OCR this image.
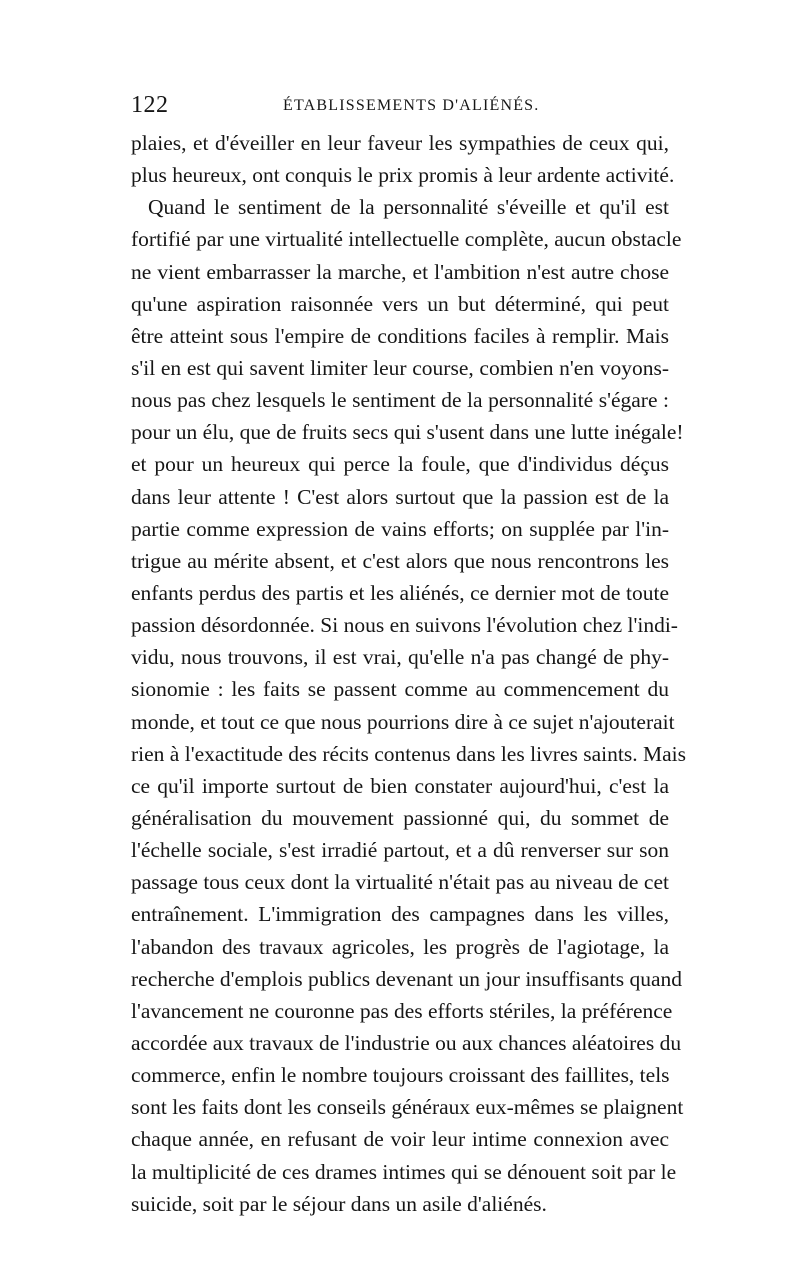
122	ÉTABLISSEMENTS D'ALIÉNÉS.
plaies, et d'éveiller en leur faveur les sympathies de ceux qui,
plus heureux, ont conquis le prix promis à leur ardente activité.
Quand le sentiment de la personnalité s'éveille et qu'il est
fortifié par une virtualité intellectuelle complète, aucun obstacle
ne vient embarrasser la marche, et l'ambition n'est autre chose
qu'une aspiration raisonnée vers un but déterminé, qui peut
être atteint sous l'empire de conditions faciles à remplir. Mais
s'il en est qui savent limiter leur course, combien n'en voyons-
nous pas chez lesquels le sentiment de la personnalité s'égare :
pour un élu, que de fruits secs qui s'usent dans une lutte inégale!
et pour un heureux qui perce la foule, que d'individus déçus
dans leur attente ! C'est alors surtout que la passion est de la
partie comme expression de vains efforts; on supplée par l'in-
trigue au mérite absent, et c'est alors que nous rencontrons les
enfants perdus des partis et les aliénés, ce dernier mot de toute
passion désordonnée. Si nous en suivons l'évolution chez l'indi-
vidu, nous trouvons, il est vrai, qu'elle n'a pas changé de phy-
sionomie : les faits se passent comme au commencement du
monde, et tout ce que nous pourrions dire à ce sujet n'ajouterait
rien à l'exactitude des récits contenus dans les livres saints. Mais
ce qu'il importe surtout de bien constater aujourd'hui, c'est la
généralisation du mouvement passionné qui, du sommet de
l'échelle sociale, s'est irradié partout, et a dû renverser sur son
passage tous ceux dont la virtualité n'était pas au niveau de cet
entraînement. L'immigration des campagnes dans les villes,
l'abandon des travaux agricoles, les progrès de l'agiotage, la
recherche d'emplois publics devenant un jour insuffisants quand
l'avancement ne couronne pas des efforts stériles, la préférence
accordée aux travaux de l'industrie ou aux chances aléatoires du
commerce, enfin le nombre toujours croissant des faillites, tels
sont les faits dont les conseils généraux eux-mêmes se plaignent
chaque année, en refusant de voir leur intime connexion avec
la multiplicité de ces drames intimes qui se dénouent soit par le
suicide, soit par le séjour dans un asile d'aliénés.
